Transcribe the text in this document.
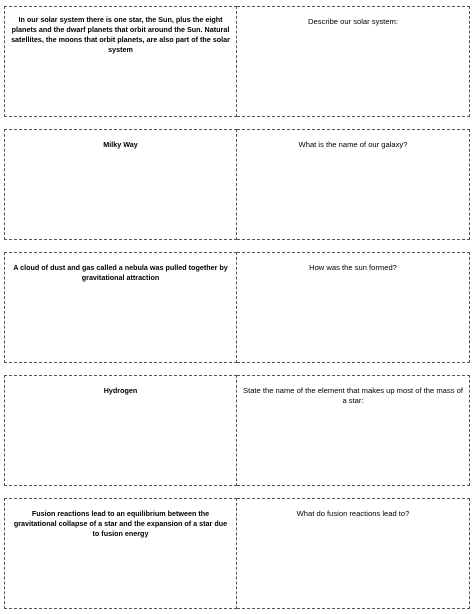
In our solar system there is one star, the Sun, plus the eight planets and the dwarf planets that orbit around the Sun. Natural satellites, the moons that orbit planets, are also part of the solar system
Describe our solar system:
Milky Way	What is the name of our galaxy?
A cloud of dust and gas called a nebula was pulled together by gravitational attraction
How was the sun formed?
Hydrogen	State the name of the element that makes up most of the mass of a star:
Fusion reactions lead to an equilibrium between the gravitational collapse of a star and the expansion of a star due to fusion energy
What do fusion reactions lead to?
